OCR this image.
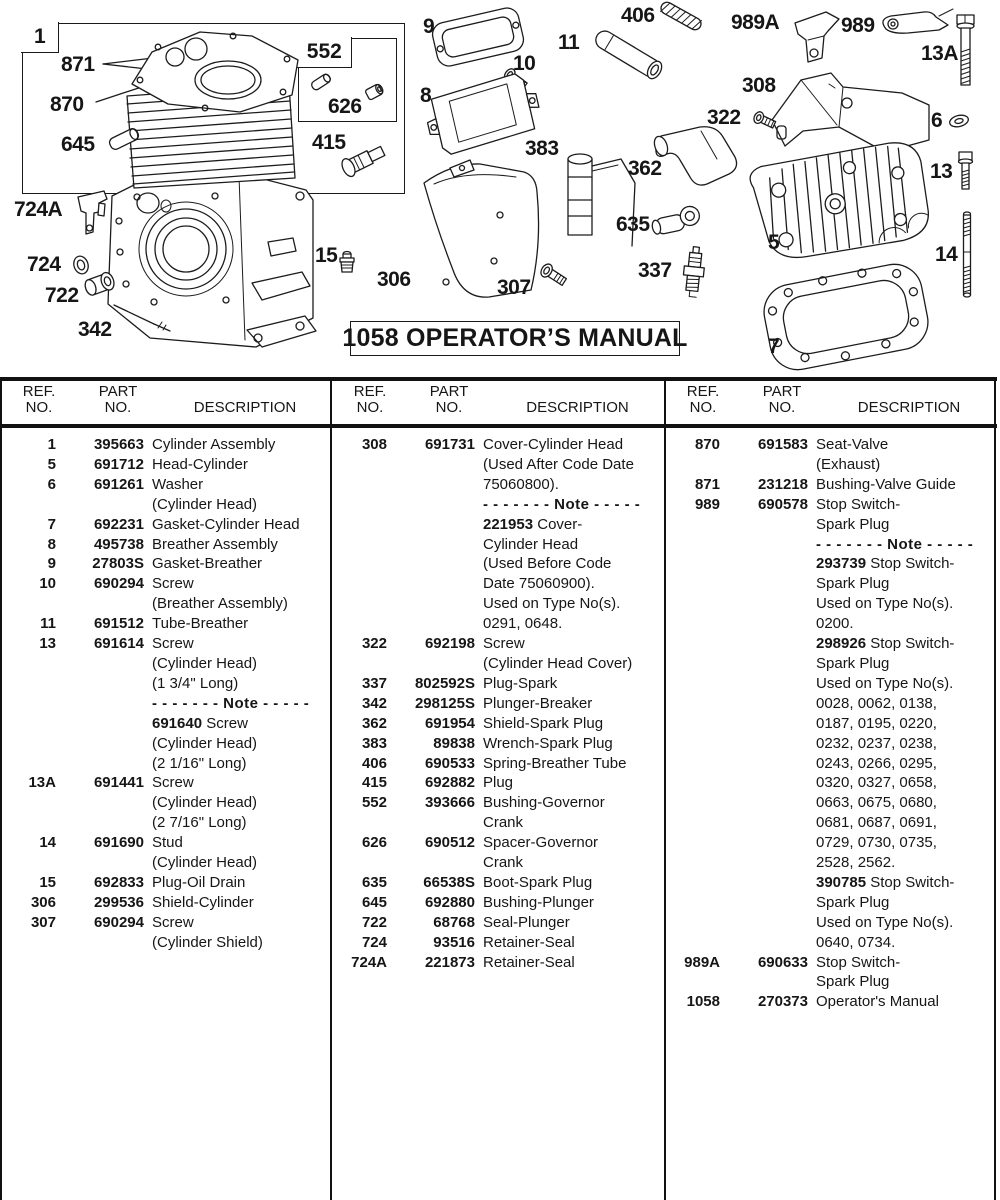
1
552
871
870
645
724A
724
722
342
626
415
15
306	307
9
10
11
8
383
362
635
337
406	989A	989
13A
308
322	6
13
5
14
7
1058 OPERATOR’S MANUAL
REF.
NO.
PART
NO.	DESCRIPTION
1	395663 Cylinder Assembly
5	691712 Head-Cylinder
6	691261 Washer
(Cylinder Head)
7	692231 Gasket-Cylinder Head
8	495738 Breather Assembly
9	27803S Gasket-Breather
10	690294 Screw
(Breather Assembly)
11	691512 Tube-Breather
13	691614 Screw
(Cylinder Head)
(1 3/4" Long)
- - - - - - - Note - - - - -
691640 Screw
(Cylinder Head)
(2 1/16" Long)
13A	691441 Screw
(Cylinder Head)
(2 7/16" Long)
14	691690 Stud
(Cylinder Head)
15	692833 Plug-Oil Drain
306	299536 Shield-Cylinder
307	690294 Screw
(Cylinder Shield)
REF.
NO.
PART
NO.	DESCRIPTION
308	691731 Cover-Cylinder Head
(Used After Code Date
75060800).
- - - - - - - Note - - - - -
221953 Cover-
Cylinder Head
(Used Before Code
Date 75060900).
Used on Type No(s).
0291, 0648.
322	692198 Screw
(Cylinder Head Cover)
337	802592S Plug-Spark
342	298125S Plunger-Breaker
362	691954 Shield-Spark Plug
383	89838 Wrench-Spark Plug
406	690533 Spring-Breather Tube
415	692882 Plug
552	393666 Bushing-Governor
Crank
626	690512 Spacer-Governor
Crank
635	66538S Boot-Spark Plug
645	692880 Bushing-Plunger
722	68768 Seal-Plunger
724	93516 Retainer-Seal
724A	221873 Retainer-Seal
REF.
NO.
PART
NO.	DESCRIPTION
870	691583 Seat-Valve
(Exhaust)
871	231218 Bushing-Valve Guide
989	690578 Stop Switch-
Spark Plug
- - - - - - - Note - - - - -
293739 Stop Switch-
Spark Plug
Used on Type No(s).
0200.
298926 Stop Switch-
Spark Plug
Used on Type No(s).
0028, 0062, 0138,
0187, 0195, 0220,
0232, 0237, 0238,
0243, 0266, 0295,
0320, 0327, 0658,
0663, 0675, 0680,
0681, 0687, 0691,
0729, 0730, 0735,
2528, 2562.
390785 Stop Switch-
Spark Plug
Used on Type No(s).
0640, 0734.
989A	690633 Stop Switch-
Spark Plug
1058	270373 Operator's Manual
